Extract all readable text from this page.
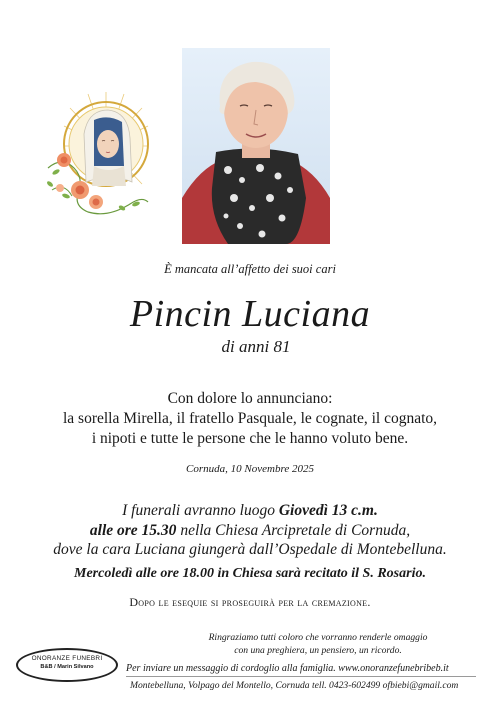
È mancata all’affetto dei suoi cari
Pincin Luciana
di anni 81
Con dolore lo annunciano:
la sorella Mirella, il fratello Pasquale, le cognate, il cognato,
i nipoti e tutte le persone che le hanno voluto bene.
Cornuda, 10 Novembre 2025
I funerali avranno luogo Giovedì 13 c.m.
alle ore 15.30 nella Chiesa Arcipretale di Cornuda,
dove la cara Luciana giungerà dall’Ospedale di Montebelluna.
Mercoledì alle ore 18.00 in Chiesa sarà recitato il S. Rosario.
Dopo le esequie si proseguirà per la cremazione.
Ringraziamo tutti coloro che vorranno renderle omaggio
con una preghiera, un pensiero, un ricordo.
ONORANZE FUNEBRI
B&B / Marin Silvano	Per inviare un messaggio di cordoglio alla famiglia. www.onoranzefunebribeb.it
Montebelluna, Volpago del Montello, Cornuda tell. 0423-602499 ofbiebi@gmail.com
